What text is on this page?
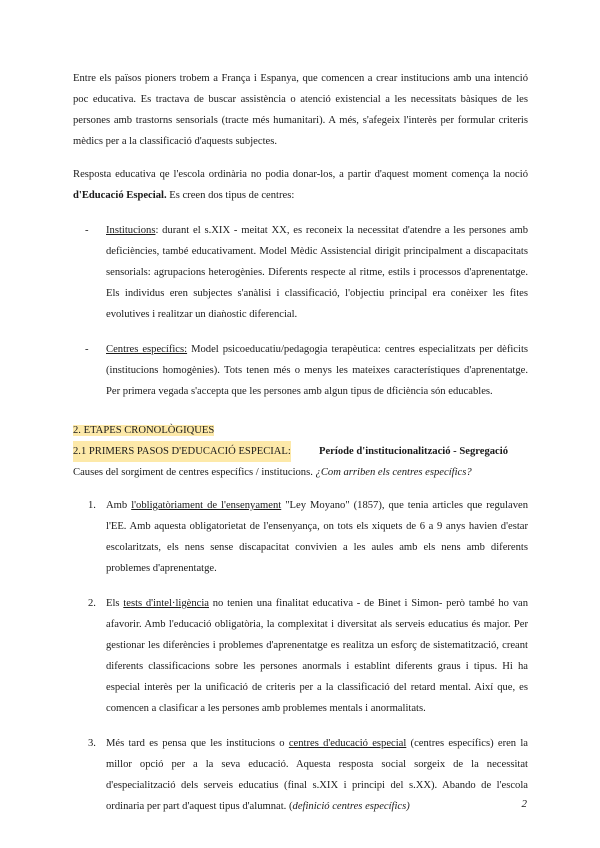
Entre els països pioners trobem a França i Espanya, que comencen a crear institucions amb una intenció poc educativa. Es tractava de buscar assistència o atenció existencial a les necessitats bàsiques de les persones amb trastorns sensorials (tracte més humanitari). A més, s'afegeix l'interès per formular criteris mèdics per a la classificació d'aquests subjectes.

Resposta educativa qe l'escola ordinària no podia donar-los, a partir d'aquest moment comença la noció d'Educació Especial. Es creen dos tipus de centres:

- Institucions: durant el s.XIX - meitat XX, es reconeix la necessitat d'atendre a les persones amb deficiències, també educativament. Model Mèdic Assistencial dirigit principalment a discapacitats sensorials: agrupacions heterogènies. Diferents respecte al ritme, estils i processos d'aprenentatge. Els individus eren subjectes s'anàlisi i classificació, l'objectiu principal era conèixer les fites evolutives i realitzar un diaǹostic diferencial.
- Centres específics: Model psicoeducatiu/pedagogia terapèutica: centres especialitzats per dèficits (institucions homogènies). Tots tenen més o menys les mateixes característiques d'aprenentatge. Per primera vegada s'accepta que les persones amb algun tipus de dficiència són educables.

2. ETAPES CRONOLÒGIQUES

2.1 PRIMERS PASOS D'EDUCACIÓ ESPECIAL:	Període d'institucionalització - Segregació

Causes del sorgiment de centres específics / institucions. ¿Com arriben els centres específics?

1. Amb l'obligatòriament de l'ensenyament "Ley Moyano" (1857), que tenia articles que regulaven l'EE. Amb aquesta obligatorietat de l'ensenyança, on tots els xiquets de 6 a 9 anys havien d'estar escolaritzats, els nens sense discapacitat convivien a les aules amb els nens amb diferents problemes d'aprenentatge.
2. Els tests d'intel·ligència no tenien una finalitat educativa - de Binet i Simon- però també ho van afavorir. Amb l'educació obligatòria, la complexitat i diversitat als serveis educatius és major. Per gestionar les diferències i problemes d'aprenentatge es realitza un esforç de sistematització, creant diferents classificacions sobre les persones anormals i establint diferents graus i tipus. Hi ha especial interès per la unificació de criteris per a la classificació del retard mental. Així que, es comencen a clasificar a les persones amb problemes mentals i anormalitats.
3. Més tard es pensa que les institucions o centres d'educació especial (centres específics) eren la millor opció per a la seva educació. Aquesta resposta social sorgeix de la necessitat d'especialització dels serveis educatius (final s.XIX i principi del s.XX). Abando de l'escola ordinaria per part d'aquest tipus d'alumnat. (definició centres específics)	2
